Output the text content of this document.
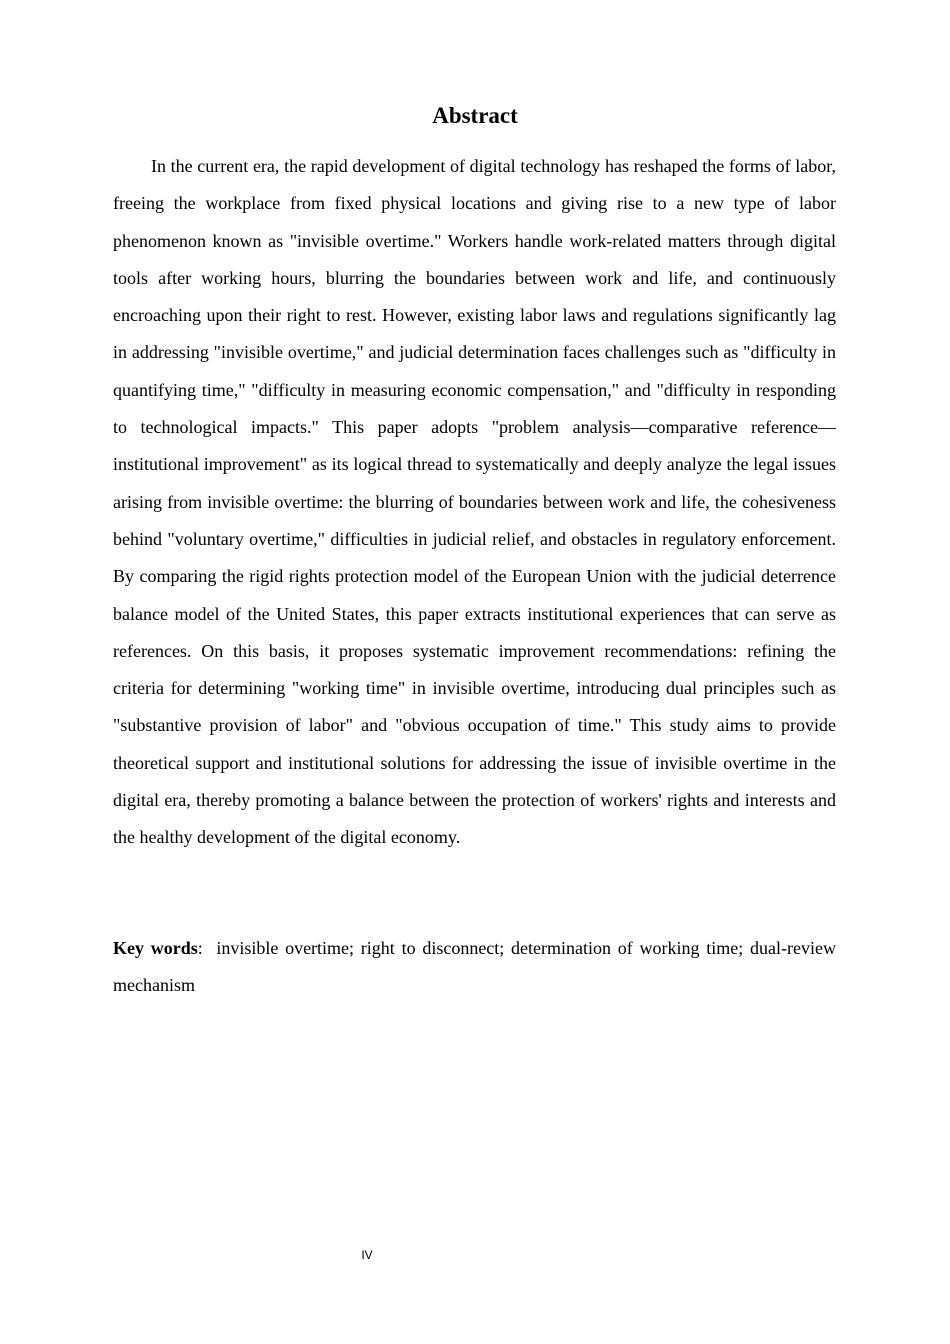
Abstract

In the current era, the rapid development of digital technology has reshaped the forms of labor, freeing the workplace from fixed physical locations and giving rise to a new type of labor phenomenon known as "invisible overtime." Workers handle work-related matters through digital tools after working hours, blurring the boundaries between work and life, and continuously encroaching upon their right to rest. However, existing labor laws and regulations significantly lag in addressing "invisible overtime," and judicial determination faces challenges such as "difficulty in quantifying time," "difficulty in measuring economic compensation," and "difficulty in responding to technological impacts." This paper adopts "problem analysis—comparative reference—institutional improvement" as its logical thread to systematically and deeply analyze the legal issues arising from invisible overtime: the blurring of boundaries between work and life, the cohesiveness behind "voluntary overtime," difficulties in judicial relief, and obstacles in regulatory enforcement. By comparing the rigid rights protection model of the European Union with the judicial deterrence balance model of the United States, this paper extracts institutional experiences that can serve as references. On this basis, it proposes systematic improvement recommendations: refining the criteria for determining "working time" in invisible overtime, introducing dual principles such as "substantive provision of labor" and "obvious occupation of time." This study aims to provide theoretical support and institutional solutions for addressing the issue of invisible overtime in the digital era, thereby promoting a balance between the protection of workers' rights and interests and the healthy development of the digital economy.

Key words: invisible overtime; right to disconnect; determination of working time; dual-review mechanism

IV
